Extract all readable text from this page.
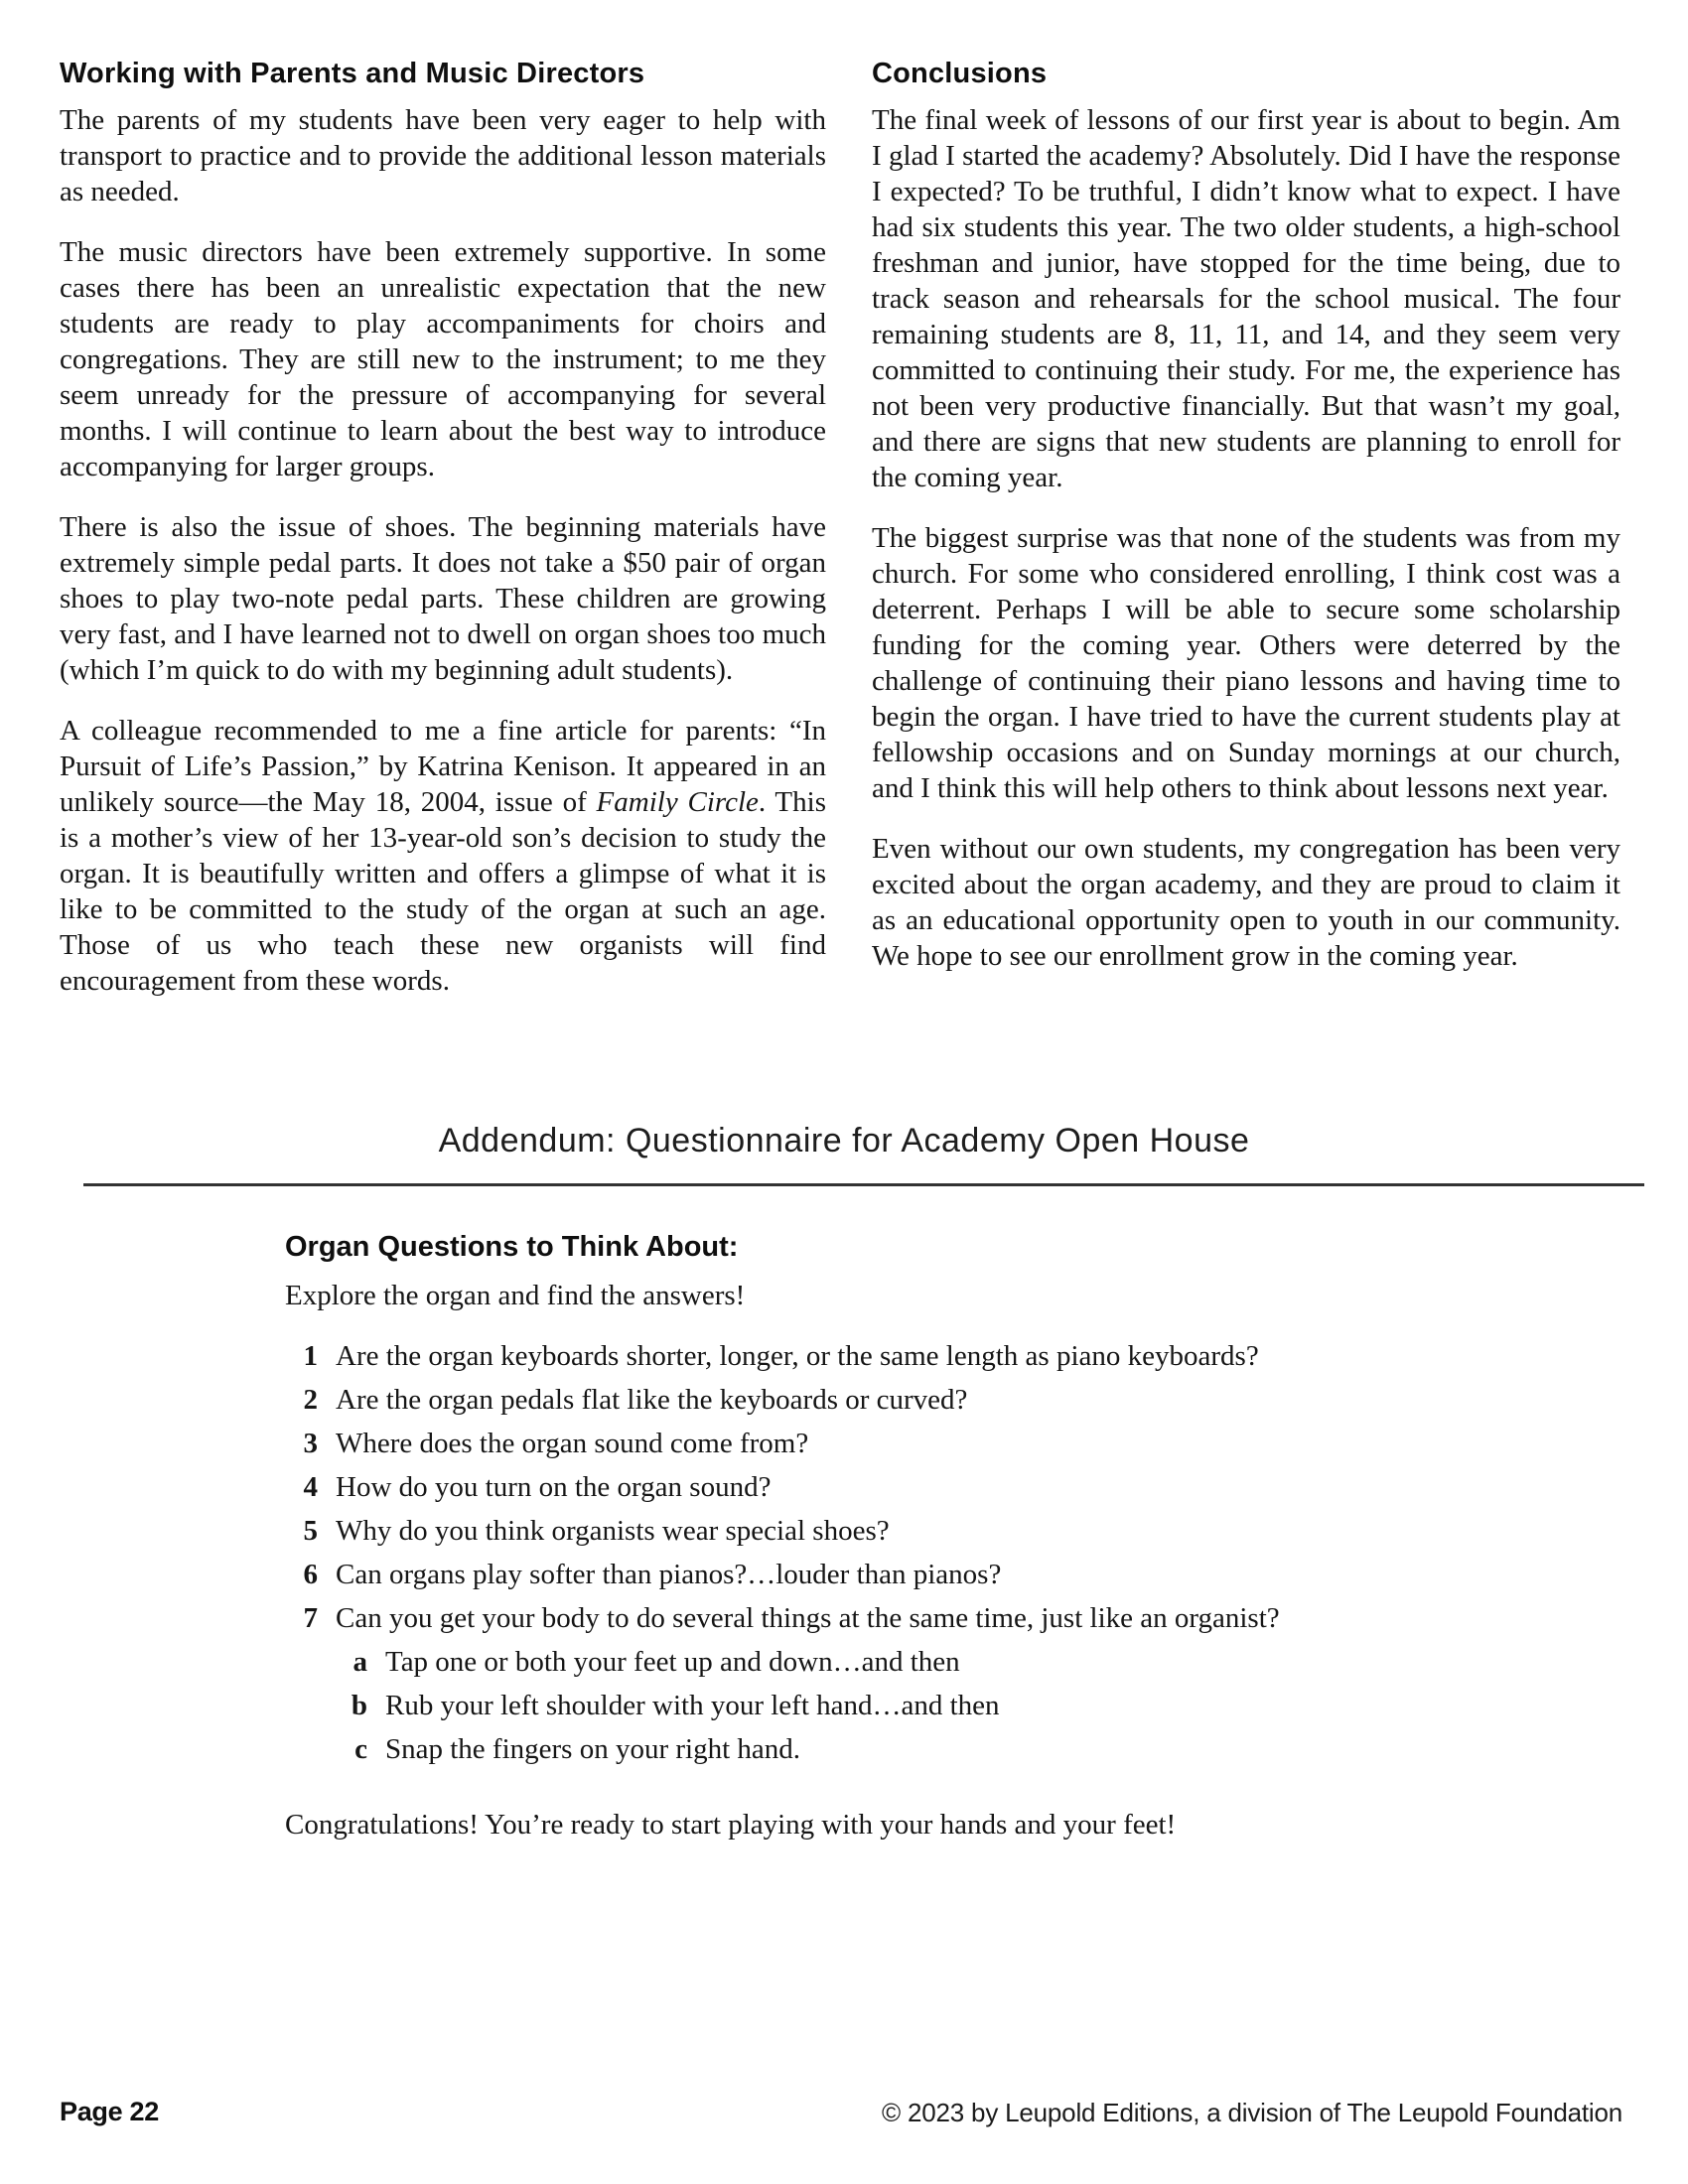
Working with Parents and Music Directors

The parents of my students have been very eager to help with transport to practice and to provide the additional lesson materials as needed.

The music directors have been extremely supportive. In some cases there has been an unrealistic expectation that the new students are ready to play accompaniments for choirs and congregations. They are still new to the instrument; to me they seem unready for the pressure of accompanying for several months. I will continue to learn about the best way to introduce accompanying for larger groups.

There is also the issue of shoes. The beginning materials have extremely simple pedal parts. It does not take a $50 pair of organ shoes to play two-note pedal parts. These children are growing very fast, and I have learned not to dwell on organ shoes too much (which I’m quick to do with my beginning adult students).

A colleague recommended to me a fine article for parents: “In Pursuit of Life’s Passion,” by Katrina Kenison. It appeared in an unlikely source—the May 18, 2004, issue of Family Circle. This is a mother’s view of her 13-year-old son’s decision to study the organ. It is beautifully written and offers a glimpse of what it is like to be committed to the study of the organ at such an age. Those of us who teach these new organists will find encouragement from these words.

Conclusions

The final week of lessons of our first year is about to begin. Am I glad I started the academy? Absolutely. Did I have the response I expected? To be truthful, I didn’t know what to expect. I have had six students this year. The two older students, a high-school freshman and junior, have stopped for the time being, due to track season and rehearsals for the school musical. The four remaining students are 8, 11, 11, and 14, and they seem very committed to continuing their study. For me, the experience has not been very productive financially. But that wasn’t my goal, and there are signs that new students are planning to enroll for the coming year.

The biggest surprise was that none of the students was from my church. For some who considered enrolling, I think cost was a deterrent. Perhaps I will be able to secure some scholarship funding for the coming year. Others were deterred by the challenge of continuing their piano lessons and having time to begin the organ. I have tried to have the current students play at fellowship occasions and on Sunday mornings at our church, and I think this will help others to think about lessons next year.

Even without our own students, my congregation has been very excited about the organ academy, and they are proud to claim it as an educational opportunity open to youth in our community. We hope to see our enrollment grow in the coming year.

Addendum: Questionnaire for Academy Open House
Organ Questions to Think About:

Explore the organ and find the answers!

1 Are the organ keyboards shorter, longer, or the same length as piano keyboards?
2 Are the organ pedals flat like the keyboards or curved?
3 Where does the organ sound come from?
4 How do you turn on the organ sound?
5 Why do you think organists wear special shoes?
6 Can organs play softer than pianos?…louder than pianos?
7 Can you get your body to do several things at the same time, just like an organist?
a Tap one or both your feet up and down…and then
b Rub your left shoulder with your left hand…and then
c Snap the fingers on your right hand.

Congratulations! You’re ready to start playing with your hands and your feet!

Page 22	© 2023 by Leupold Editions, a division of The Leupold Foundation
